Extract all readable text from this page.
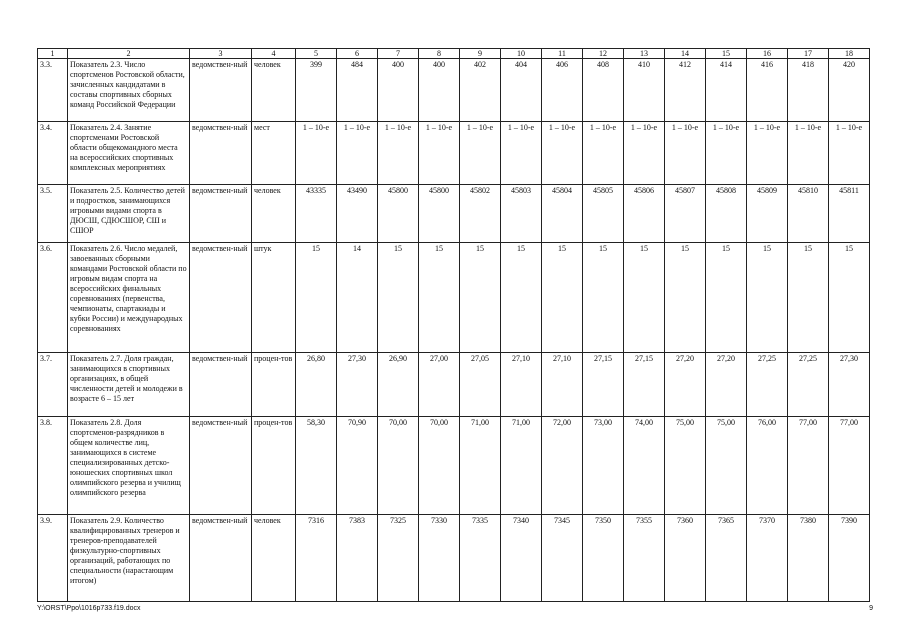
1	2	3	4	5	6	7	8	9	10	11	12	13	14	15	16	17	18
3.3.	Показатель 2.3. Число спортсменов Ростовской области, зачисленных кандидатами в составы спортивных сборных команд Российской Федерации	ведомствен-ный	человек	399	484	400	400	402	404	406	408	410	412	414	416	418	420
3.4.	Показатель 2.4. Занятие спортсменами Ростовской области общекомандного места на всероссийских спортивных комплексных мероприятиях	ведомствен-ный	мест	1 – 10-е	1 – 10-е	1 – 10-е	1 – 10-е	1 – 10-е	1 – 10-е	1 – 10-е	1 – 10-е	1 – 10-е	1 – 10-е	1 – 10-е	1 – 10-е	1 – 10-е	1 – 10-е
3.5.	Показатель 2.5. Количество детей и подростков, занимающихся игровыми видами спорта в ДЮСШ, СДЮСШОР, СШ и СШОР	ведомствен-ный	человек	43335	43490	45800	45800	45802	45803	45804	45805	45806	45807	45808	45809	45810	45811
3.6.	Показатель 2.6. Число медалей, завоеванных сборными командами Ростовской области по игровым видам спорта на всероссийских финальных соревнованиях (первенства, чемпионаты, спартакиады и кубки России) и международных соревнованиях	ведомствен-ный	штук	15	14	15	15	15	15	15	15	15	15	15	15	15	15
3.7.	Показатель 2.7. Доля граждан, занимающихся в спортивных организациях, в общей численности детей и молодежи в возрасте 6 – 15 лет	ведомствен-ный	процен-тов	26,80	27,30	26,90	27,00	27,05	27,10	27,10	27,15	27,15	27,20	27,20	27,25	27,25	27,30
3.8.	Показатель 2.8. Доля спортсменов-разрядников в общем количестве лиц, занимающихся в системе специализированных детско-юношеских спортивных школ олимпийского резерва и училищ олимпийского резерва	ведомствен-ный	процен-тов	58,30	70,90	70,00	70,00	71,00	71,00	72,00	73,00	74,00	75,00	75,00	76,00	77,00	77,00
3.9.	Показатель 2.9. Количество квалифицированных тренеров и тренеров-преподавателей физкультурно-спортивных организаций, работающих по специальности (нарастающим итогом)	ведомствен-ный	человек	7316	7383	7325	7330	7335	7340	7345	7350	7355	7360	7365	7370	7380	7390
Y:\ORST\Ppo\1016p733.f19.docx	9
